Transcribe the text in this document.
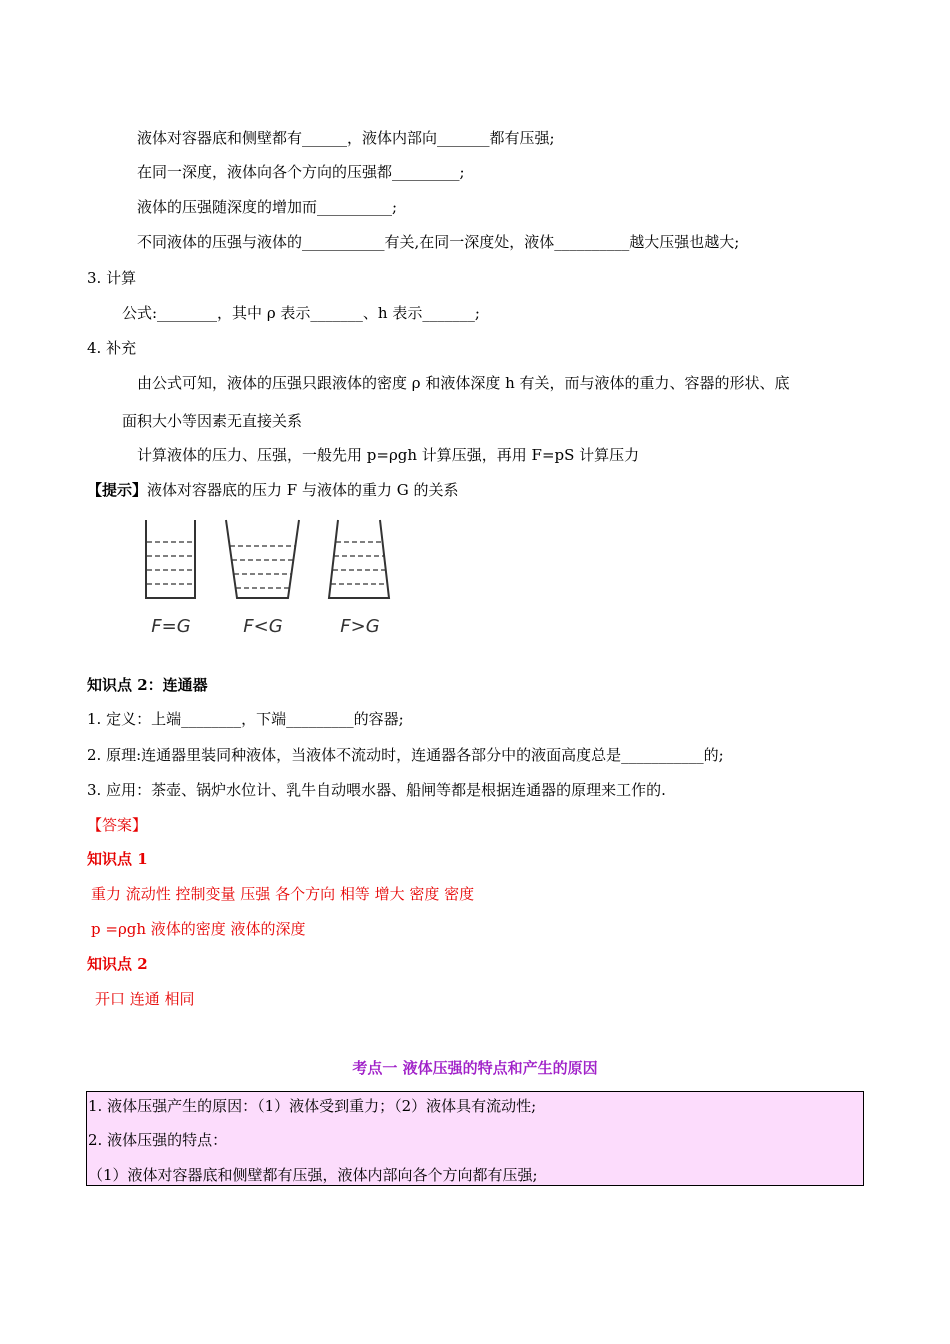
液体对容器底和侧壁都有______，液体内部向_______都有压强;
在同一深度，液体向各个方向的压强都_________;
液体的压强随深度的增加而__________;
不同液体的压强与液体的___________有关,在同一深度处，液体__________越大压强也越大;
3. 计算
公式:________，其中 ρ 表示_______、h 表示_______;
4. 补充
由公式可知，液体的压强只跟液体的密度 ρ 和液体深度 h 有关，而与液体的重力、容器的形状、底
面积大小等因素无直接关系
计算液体的压力、压强，一般先用 p=ρgh 计算压强，再用 F=pS 计算压力
【提示】液体对容器底的压力 F 与液体的重力 G 的关系
F=G	F<G	F>G
知识点 2：连通器
1. 定义：上端________，下端_________的容器;
2. 原理:连通器里装同种液体，当液体不流动时，连通器各部分中的液面高度总是___________的;
3. 应用：茶壶、锅炉水位计、乳牛自动喂水器、船闸等都是根据连通器的原理来工作的.
【答案】
知识点 1
重力 流动性 控制变量 压强 各个方向 相等 增大 密度 密度
p =ρgh 液体的密度 液体的深度
知识点 2
开口 连通 相同
考点一 液体压强的特点和产生的原因
1. 液体压强产生的原因：（1）液体受到重力；（2）液体具有流动性;
2. 液体压强的特点：
（1）液体对容器底和侧壁都有压强，液体内部向各个方向都有压强;
